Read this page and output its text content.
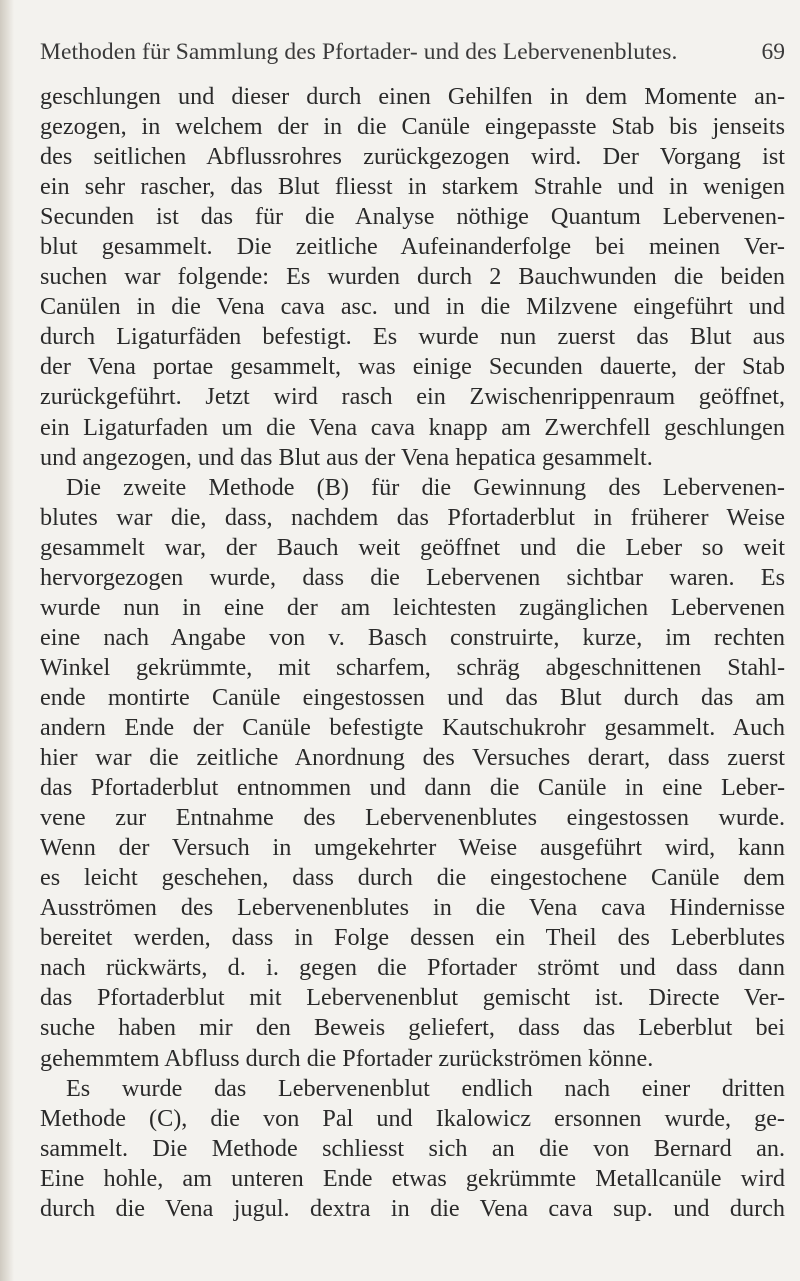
Methoden für Sammlung des Pfortader- und des Lebervenenblutes.	69
geschlungen und dieser durch einen Gehilfen in dem Momente an-
gezogen, in welchem der in die Canüle eingepasste Stab bis jenseits
des seitlichen Abflussrohres zurückgezogen wird. Der Vorgang ist
ein sehr rascher, das Blut fliesst in starkem Strahle und in wenigen
Secunden ist das für die Analyse nöthige Quantum Lebervenen-
blut gesammelt. Die zeitliche Aufeinanderfolge bei meinen Ver-
suchen war folgende: Es wurden durch 2 Bauchwunden die beiden
Canülen in die Vena cava asc. und in die Milzvene eingeführt und
durch Ligaturfäden befestigt. Es wurde nun zuerst das Blut aus
der Vena portae gesammelt, was einige Secunden dauerte, der Stab
zurückgeführt. Jetzt wird rasch ein Zwischenrippenraum geöffnet,
ein Ligaturfaden um die Vena cava knapp am Zwerchfell geschlungen
und angezogen, und das Blut aus der Vena hepatica gesammelt.
Die zweite Methode (B) für die Gewinnung des Lebervenen-
blutes war die, dass, nachdem das Pfortaderblut in früherer Weise
gesammelt war, der Bauch weit geöffnet und die Leber so weit
hervorgezogen wurde, dass die Lebervenen sichtbar waren. Es
wurde nun in eine der am leichtesten zugänglichen Lebervenen
eine nach Angabe von v. Basch construirte, kurze, im rechten
Winkel gekrümmte, mit scharfem, schräg abgeschnittenen Stahl-
ende montirte Canüle eingestossen und das Blut durch das am
andern Ende der Canüle befestigte Kautschukrohr gesammelt. Auch
hier war die zeitliche Anordnung des Versuches derart, dass zuerst
das Pfortaderblut entnommen und dann die Canüle in eine Leber-
vene zur Entnahme des Lebervenenblutes eingestossen wurde.
Wenn der Versuch in umgekehrter Weise ausgeführt wird, kann
es leicht geschehen, dass durch die eingestochene Canüle dem
Ausströmen des Lebervenenblutes in die Vena cava Hindernisse
bereitet werden, dass in Folge dessen ein Theil des Leberblutes
nach rückwärts, d. i. gegen die Pfortader strömt und dass dann
das Pfortaderblut mit Lebervenenblut gemischt ist. Directe Ver-
suche haben mir den Beweis geliefert, dass das Leberblut bei
gehemmtem Abfluss durch die Pfortader zurückströmen könne.
Es wurde das Lebervenenblut endlich nach einer dritten
Methode (C), die von Pal und Ikalowicz ersonnen wurde, ge-
sammelt. Die Methode schliesst sich an die von Bernard an.
Eine hohle, am unteren Ende etwas gekrümmte Metallcanüle wird
durch die Vena jugul. dextra in die Vena cava sup. und durch
